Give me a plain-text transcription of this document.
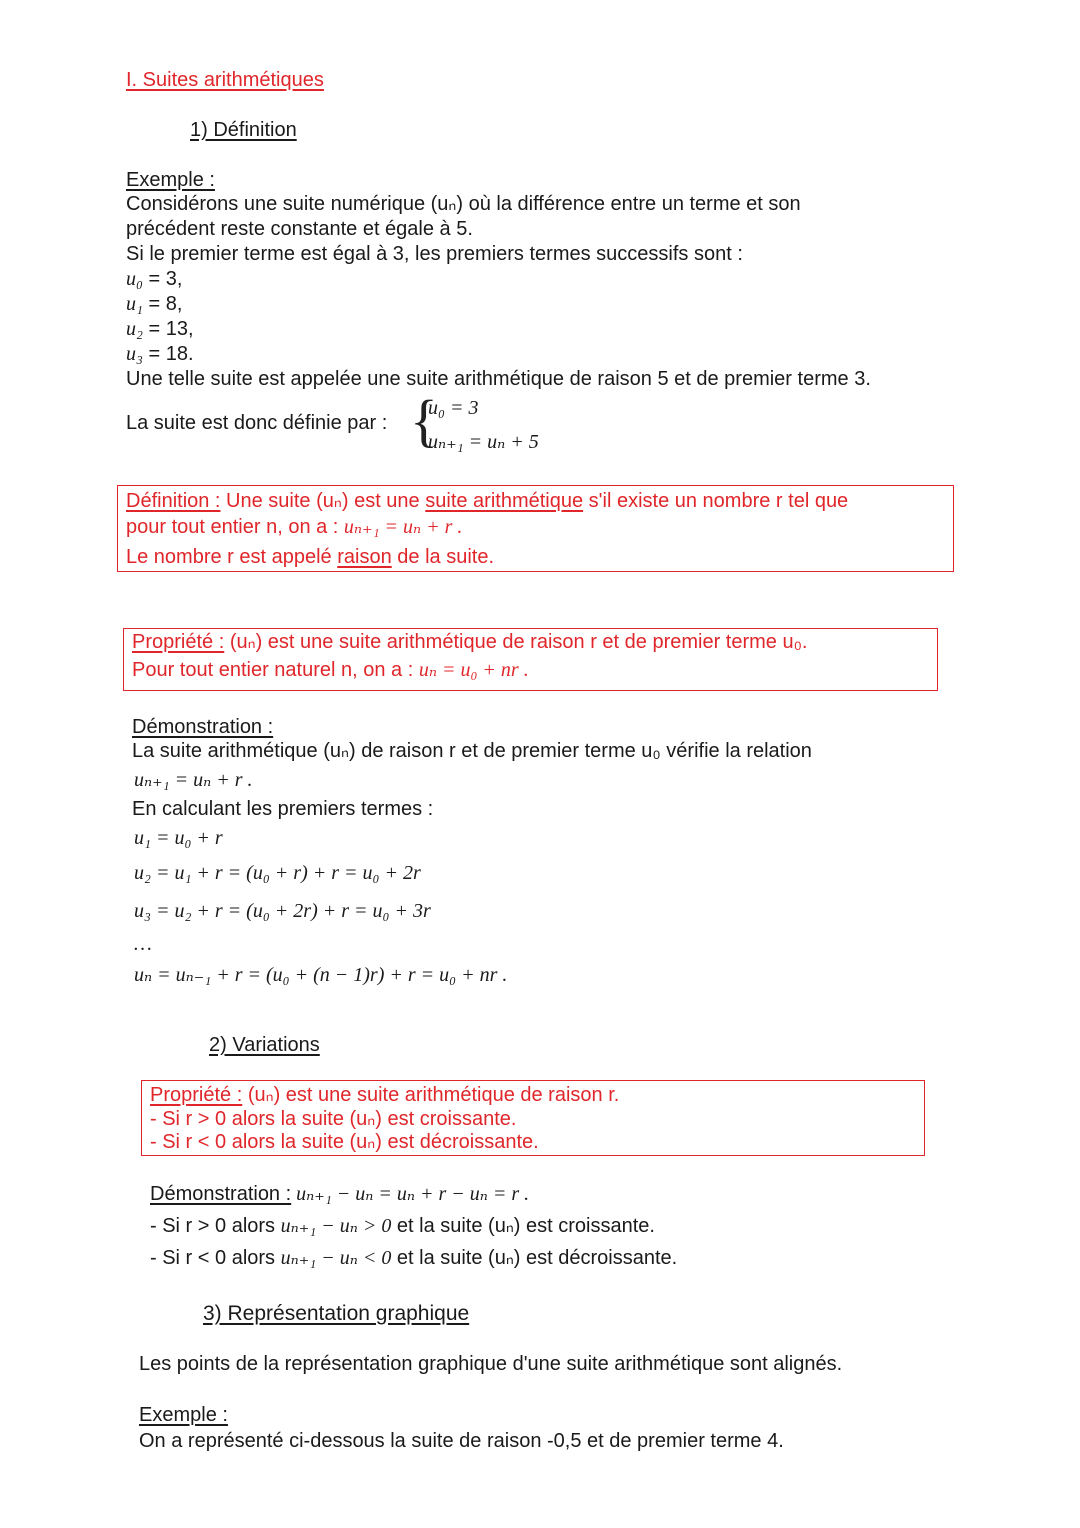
I. Suites arithmétiques
1) Définition
Exemple :
Considérons une suite numérique (uₙ) où la différence entre un terme et son
précédent reste constante et égale à 5.
Si le premier terme est égal à 3, les premiers termes successifs sont :
u₀ = 3,
u₁ = 8,
u₂ = 13,
u₃ = 18.
Une telle suite est appelée une suite arithmétique de raison 5 et de premier terme 3.
La suite est donc définie par : {
u₀ = 3
uₙ₊₁ = uₙ + 5
Définition : Une suite (uₙ) est une suite arithmétique s'il existe un nombre r tel que
pour tout entier n, on a : uₙ₊₁ = uₙ + r .
Le nombre r est appelé raison de la suite.
Propriété : (uₙ) est une suite arithmétique de raison r et de premier terme u₀.
Pour tout entier naturel n, on a : uₙ = u₀ + nr .
Démonstration :
La suite arithmétique (uₙ) de raison r et de premier terme u₀ vérifie la relation
uₙ₊₁ = uₙ + r .
En calculant les premiers termes :
u₁ = u₀ + r
u₂ = u₁ + r = (u₀ + r) + r = u₀ + 2r
u₃ = u₂ + r = (u₀ + 2r) + r = u₀ + 3r
…
uₙ = uₙ₋₁ + r = (u₀ + (n − 1)r) + r = u₀ + nr .
2) Variations
Propriété : (uₙ) est une suite arithmétique de raison r.
- Si r > 0 alors la suite (uₙ) est croissante.
- Si r < 0 alors la suite (uₙ) est décroissante.
Démonstration : uₙ₊₁ − uₙ = uₙ + r − uₙ = r .
- Si r > 0 alors uₙ₊₁ − uₙ > 0 et la suite (uₙ) est croissante.
- Si r < 0 alors uₙ₊₁ − uₙ < 0 et la suite (uₙ) est décroissante.
3) Représentation graphique
Les points de la représentation graphique d'une suite arithmétique sont alignés.
Exemple :
On a représenté ci-dessous la suite de raison -0,5 et de premier terme 4.
